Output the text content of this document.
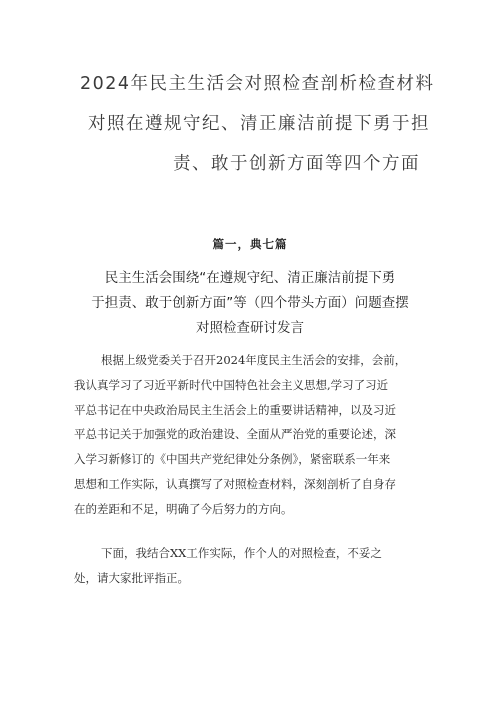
2024年民主生活会对照检查剖析检查材料
对照在遵规守纪、清正廉洁前提下勇于担
责、敢于创新方面等四个方面
篇一，典七篇
民主生活会围绕“在遵规守纪、清正廉洁前提下勇
于担责、敢于创新方面”等（四个带头方面）问题查摆
对照检查研讨发言

根据上级党委关于召开2024年度民主生活会的安排，会前，
我认真学习了习近平新时代中国特色社会主义思想,学习了习近
平总书记在中央政治局民主生活会上的重要讲话精神，以及习近
平总书记关于加强党的政治建设、全面从严治党的重要论述，深
入学习新修订的《中国共产党纪律处分条例》，紧密联系一年来
思想和工作实际，认真撰写了对照检查材料，深刻剖析了自身存
在的差距和不足，明确了今后努力的方向。

下面，我结合XX工作实际，作个人的对照检查，不妥之
处，请大家批评指正。
